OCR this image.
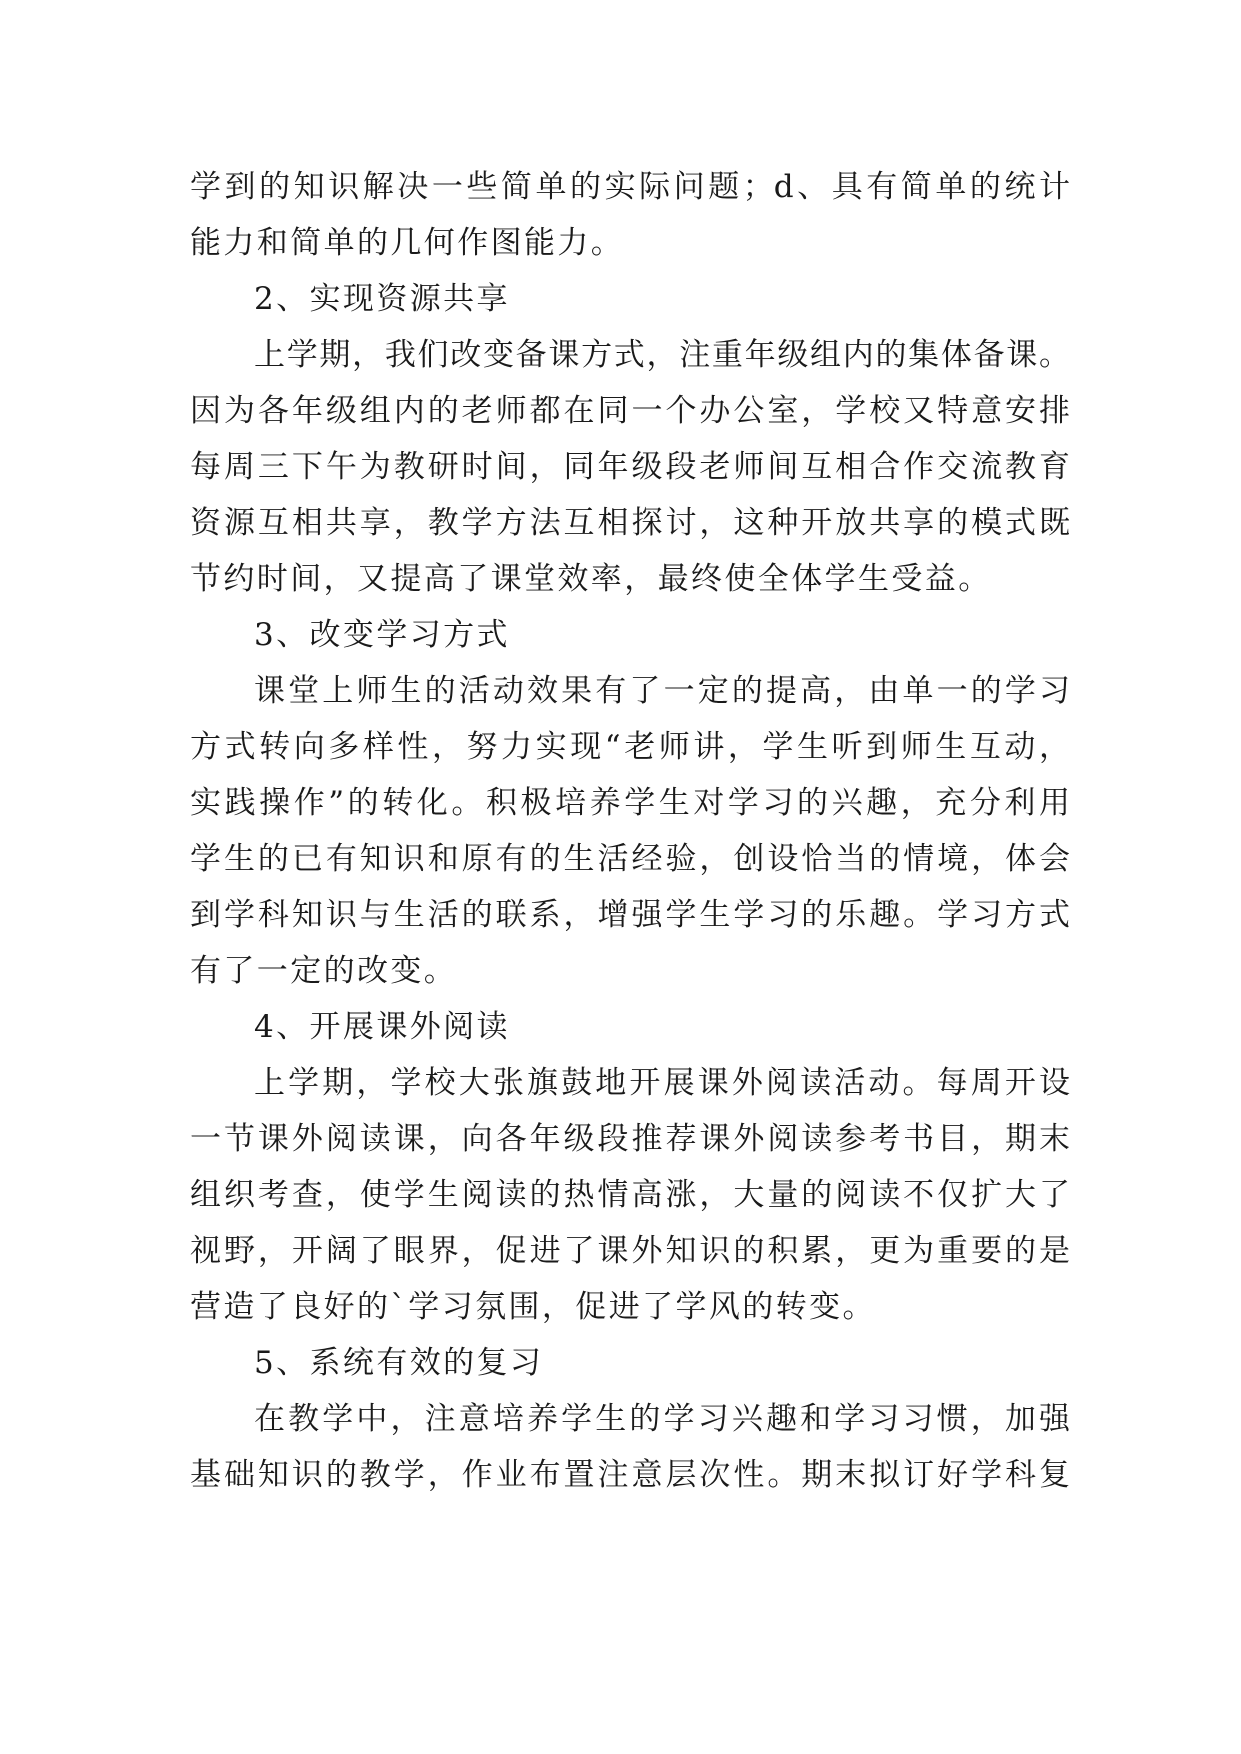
学到的知识解决一些简单的实际问题；d、具有简单的统计
能力和简单的几何作图能力。
2、实现资源共享
上学期，我们改变备课方式，注重年级组内的集体备课。
因为各年级组内的老师都在同一个办公室，学校又特意安排
每周三下午为教研时间，同年级段老师间互相合作交流教育
资源互相共享，教学方法互相探讨，这种开放共享的模式既
节约时间，又提高了课堂效率，最终使全体学生受益。
3、改变学习方式
课堂上师生的活动效果有了一定的提高，由单一的学习
方式转向多样性，努力实现“老师讲，学生听到师生互动，
实践操作”的转化。积极培养学生对学习的兴趣，充分利用
学生的已有知识和原有的生活经验，创设恰当的情境，体会
到学科知识与生活的联系，增强学生学习的乐趣。学习方式
有了一定的改变。
4、开展课外阅读
上学期，学校大张旗鼓地开展课外阅读活动。每周开设
一节课外阅读课，向各年级段推荐课外阅读参考书目，期末
组织考查，使学生阅读的热情高涨，大量的阅读不仅扩大了
视野，开阔了眼界，促进了课外知识的积累，更为重要的是
营造了良好的`学习氛围，促进了学风的转变。
5、系统有效的复习
在教学中，注意培养学生的学习兴趣和学习习惯，加强
基础知识的教学，作业布置注意层次性。期末拟订好学科复
